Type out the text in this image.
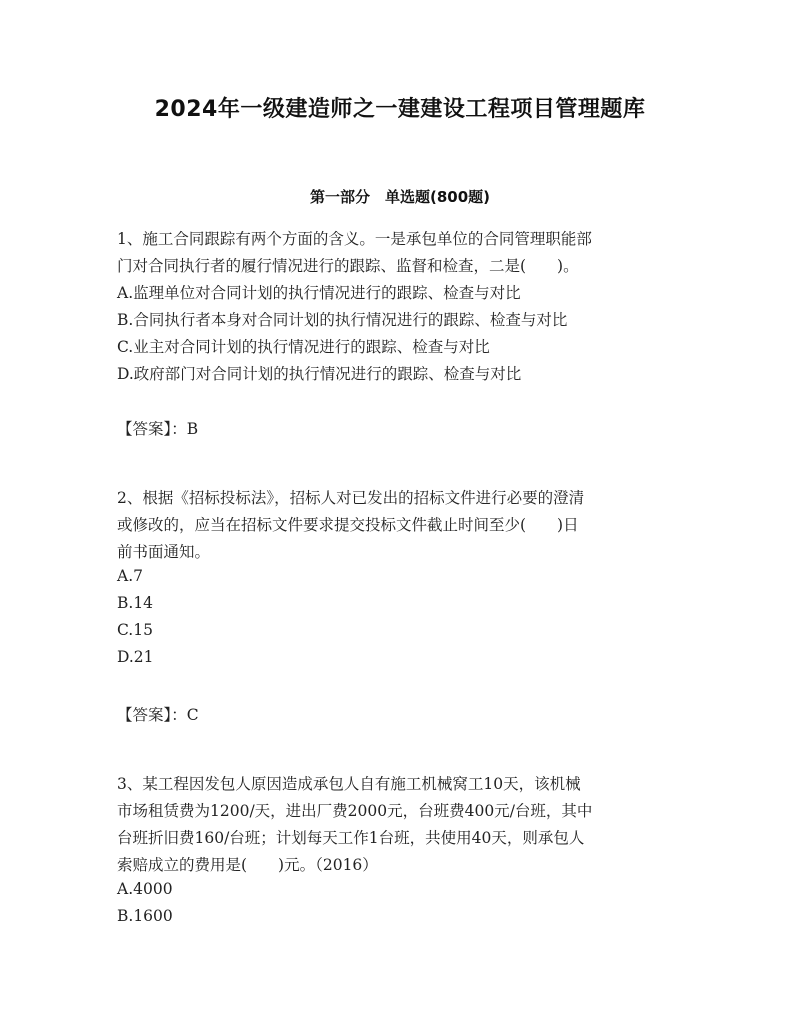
2024年一级建造师之一建建设工程项目管理题库
第一部分　单选题(800题)
1、施工合同跟踪有两个方面的含义。一是承包单位的合同管理职能部
门对合同执行者的履行情况进行的跟踪、监督和检查，二是(　　)。
A.监理单位对合同计划的执行情况进行的跟踪、检查与对比
B.合同执行者本身对合同计划的执行情况进行的跟踪、检查与对比
C.业主对合同计划的执行情况进行的跟踪、检查与对比
D.政府部门对合同计划的执行情况进行的跟踪、检查与对比
【答案】：B
2、根据《招标投标法》，招标人对已发出的招标文件进行必要的澄清
或修改的，应当在招标文件要求提交投标文件截止时间至少(　　)日
前书面通知。
A.7
B.14
C.15
D.21
【答案】：C
3、某工程因发包人原因造成承包人自有施工机械窝工10天，该机械
市场租赁费为1200/天，进出厂费2000元，台班费400元/台班，其中
台班折旧费160/台班；计划每天工作1台班，共使用40天，则承包人
索赔成立的费用是(　　)元。（2016）
A.4000
B.1600
